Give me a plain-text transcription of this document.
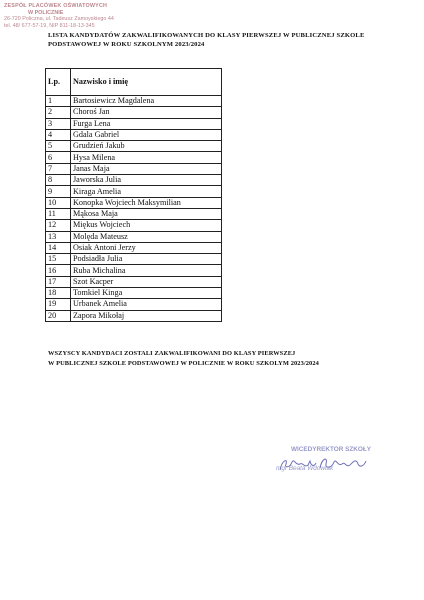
ZESPÓŁ PLACÓWEK OŚWIATOWYCH
W POLICZNIE
26-720 Policzna, ul. Tadeusz Zamoyskiego 44
tel. 48/ 677-57-19, NIP 811-18-13-345
LISTA KANDYDATÓW ZAKWALIFIKOWANYCH DO KLASY PIERWSZEJ W PUBLICZNEJ SZKOLE PODSTAWOWEJ W ROKU SZKOLNYM 2023/2024
Lp.	Nazwisko i imię
1	Bartosiewicz Magdalena
2	Choroś Jan
3	Furga Lena
4	Gdala Gabriel
5	Grudzień Jakub
6	Hysa Milena
7	Janas Maja
8	Jaworska Julia
9	Kiraga Amelia
10	Konopka Wojciech Maksymilian
11	Mąkosa Maja
12	Miękus Wojciech
13	Molęda Mateusz
14	Osiak Antoni Jerzy
15	Podsiadła Julia
16	Ruba Michalina
17	Szot Kacper
18	Tomkiel Kinga
19	Urbanek Amelia
20	Zapora Mikołaj
WSZYSCY KANDYDACI ZOSTALI ZAKWALIFIKOWANI DO KLASY PIERWSZEJ
W PUBLICZNEJ SZKOLE PODSTAWOWEJ W POLICZNIE W ROKU SZKOLYM 2023/2024
WICEDYREKTOR SZKOŁY
mgr Beata Wdowiak
